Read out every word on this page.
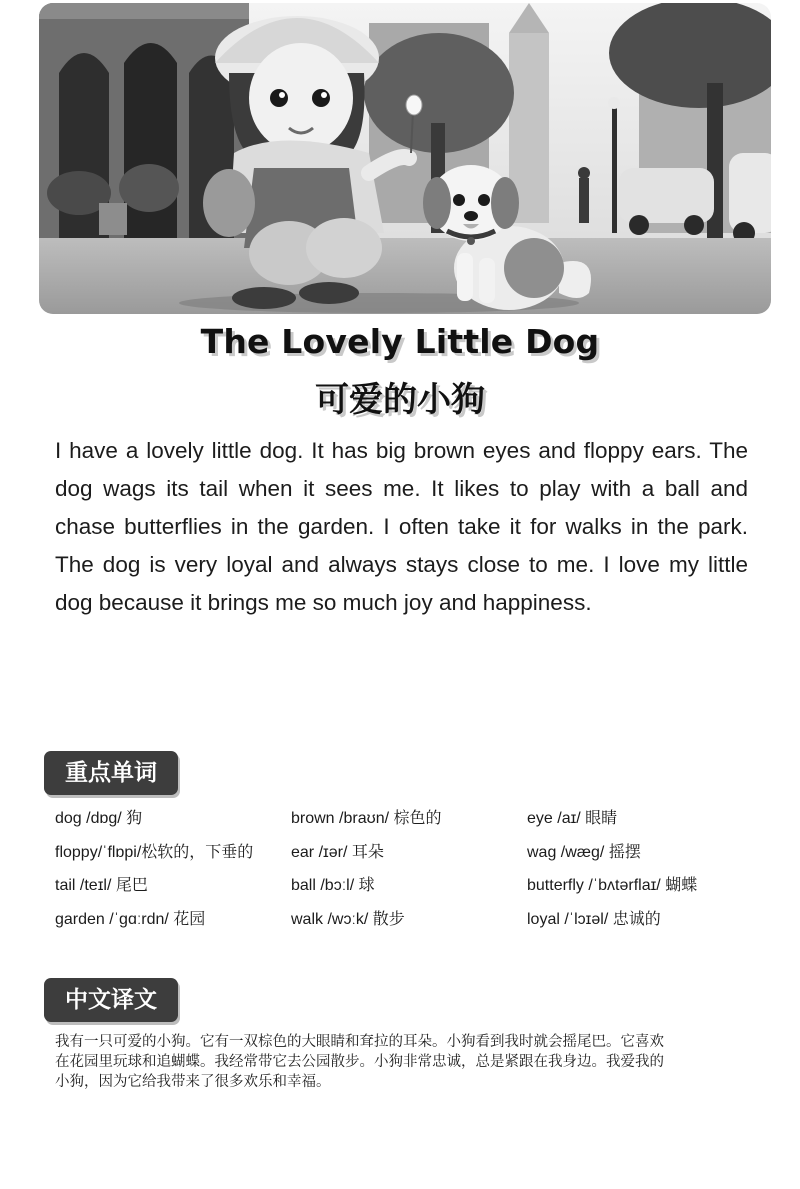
The Lovely Little Dog
可爱的小狗

I have a lovely little dog. It has big brown eyes and floppy ears. The dog wags its tail when it sees me. It likes to play with a ball and chase butterflies in the garden. I often take it for walks in the park. The dog is very loyal and always stays close to me. I love my little dog because it brings me so much joy and happiness.

重点单词
dog /dɒg/ 狗	brown /braʊn/ 棕色的	eye /aɪ/ 眼睛
floppy/ˈflɒpi/松软的，下垂的	ear /ɪər/ 耳朵	wag /wæg/ 摇摆
tail /teɪl/ 尾巴	ball /bɔːl/ 球	butterfly /ˈbʌtərflaɪ/ 蝴蝶
garden /ˈgɑːrdn/ 花园	walk /wɔːk/ 散步	loyal /ˈlɔɪəl/ 忠诚的
中文译文

我有一只可爱的小狗。它有一双棕色的大眼睛和耷拉的耳朵。小狗看到我时就会摇尾巴。它喜欢在花园里玩球和追蝴蝶。我经常带它去公园散步。小狗非常忠诚，总是紧跟在我身边。我爱我的小狗，因为它给我带来了很多欢乐和幸福。
